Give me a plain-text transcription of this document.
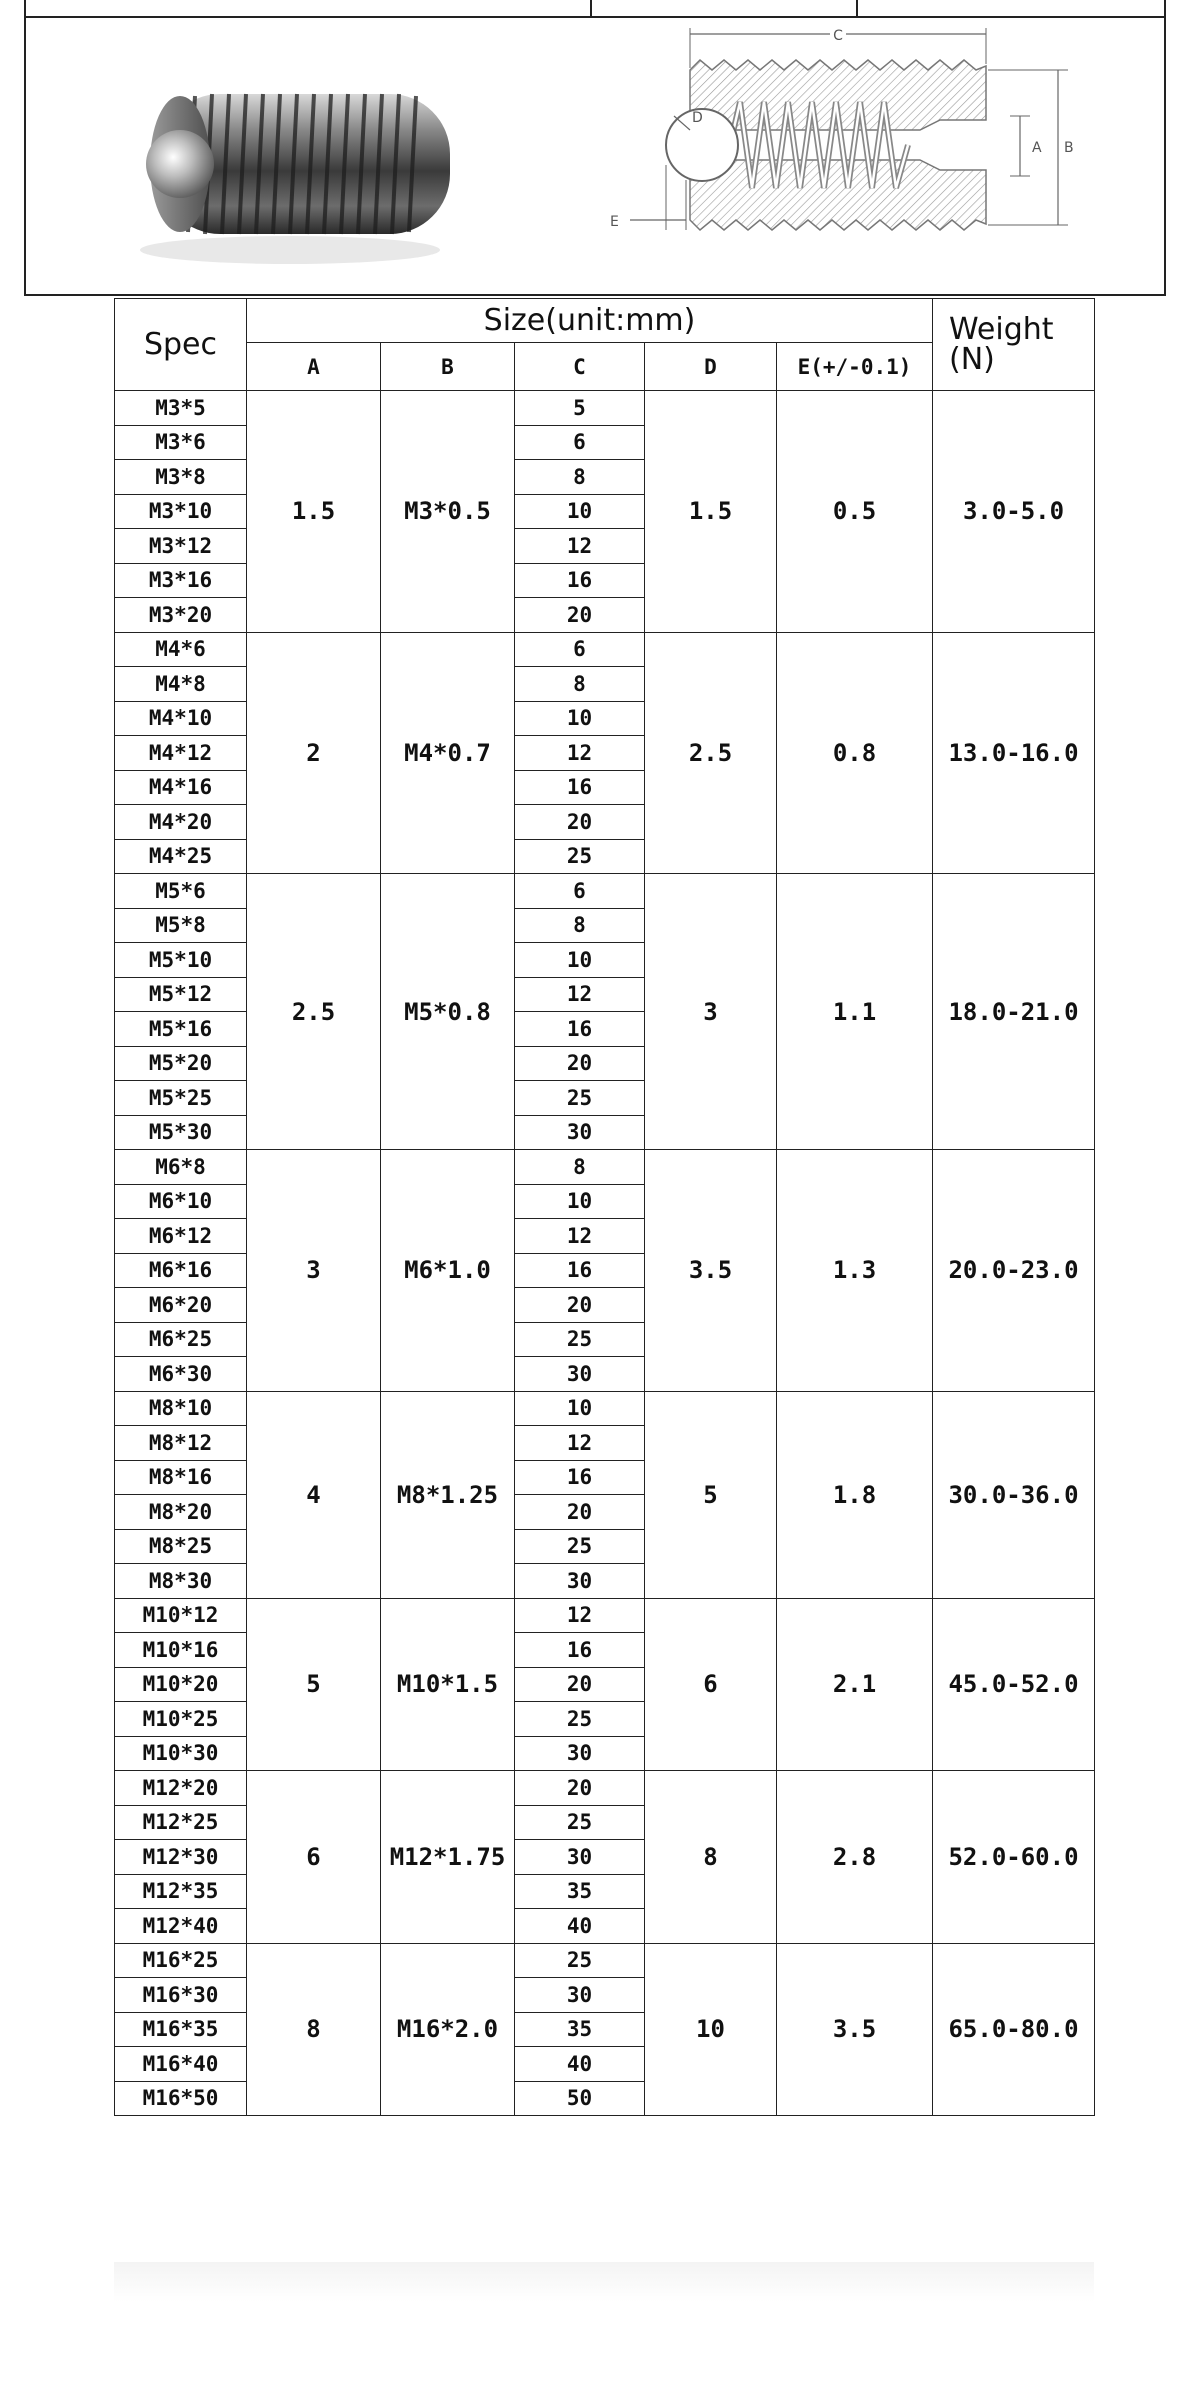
C
D
E
A B
Spec	Size(unit:mm)					Weight (N)
	A	B	C	D	E(+/-0.1)	
M3*5	1.5	M3*0.5	5	1.5	0.5	3.0-5.0
M3*6			6			
M3*8			8			
M3*10			10			
M3*12			12			
M3*16			16			
M3*20			20			
M4*6	2	M4*0.7	6	2.5	0.8	13.0-16.0
M4*8			8			
M4*10			10			
M4*12			12			
M4*16			16			
M4*20			20			
M4*25			25			
M5*6	2.5	M5*0.8	6	3	1.1	18.0-21.0
M5*8			8			
M5*10			10			
M5*12			12			
M5*16			16			
M5*20			20			
M5*25			25			
M5*30			30			
M6*8	3	M6*1.0	8	3.5	1.3	20.0-23.0
M6*10			10			
M6*12			12			
M6*16			16			
M6*20			20			
M6*25			25			
M6*30			30			
M8*10	4	M8*1.25	10	5	1.8	30.0-36.0
M8*12			12			
M8*16			16			
M8*20			20			
M8*25			25			
M8*30			30			
M10*12	5	M10*1.5	12	6	2.1	45.0-52.0
M10*16			16			
M10*20			20			
M10*25			25			
M10*30			30			
M12*20	6	M12*1.75	20	8	2.8	52.0-60.0
M12*25			25			
M12*30			30			
M12*35			35			
M12*40			40			
M16*25	8	M16*2.0	25	10	3.5	65.0-80.0
M16*30			30			
M16*35			35			
M16*40			40			
M16*50			50			
